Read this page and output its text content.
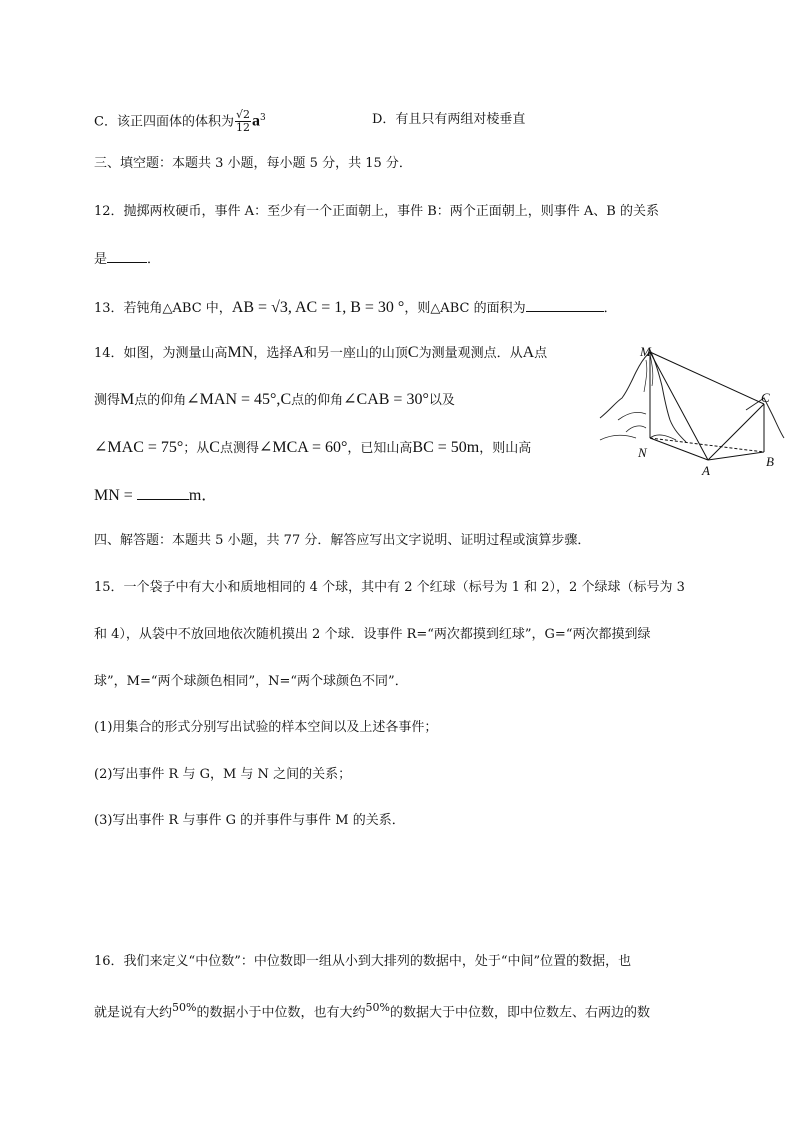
C．该正四面体的体积为 $\frac{√2}{12} a^3$	D．有且只有两组对棱垂直
三、填空题：本题共 3 小题，每小题 5 分，共 15 分．
12．抛掷两枚硬币，事件 A：至少有一个正面朝上，事件 B：两个正面朝上，则事件 A、B 的关系
是	．
13．若钝角△ABC 中，AB = √3, AC = 1, B = 30 °，则△ABC 的面积为	．
14．如图，为测量山高MN，选择A和另一座山的山顶C为测量观测点．从A点
测得M点的仰角∠MAN = 45°,C点的仰角∠CAB = 30°以及
∠MAC = 75°；从C点测得∠MCA = 60°，已知山高BC = 50m，则山高
MN =	m．
M
C
N
A
B
四、解答题：本题共 5 小题，共 77 分．解答应写出文字说明、证明过程或演算步骤．
15．一个袋子中有大小和质地相同的 4 个球，其中有 2 个红球（标号为 1 和 2），2 个绿球（标号为 3
和 4），从袋中不放回地依次随机摸出 2 个球．设事件 R=“两次都摸到红球”，G=“两次都摸到绿
球”，M=“两个球颜色相同”，N=“两个球颜色不同”．
(1)用集合的形式分别写出试验的样本空间以及上述各事件；
(2)写出事件 R 与 G，M 与 N 之间的关系；
(3)写出事件 R 与事件 G 的并事件与事件 M 的关系．
16．我们来定义“中位数”：中位数即一组从小到大排列的数据中，处于“中间”位置的数据，也
就是说有大约$^{50\%}$的数据小于中位数，也有大约$^{50\%}$的数据大于中位数，即中位数左、右两边的数
